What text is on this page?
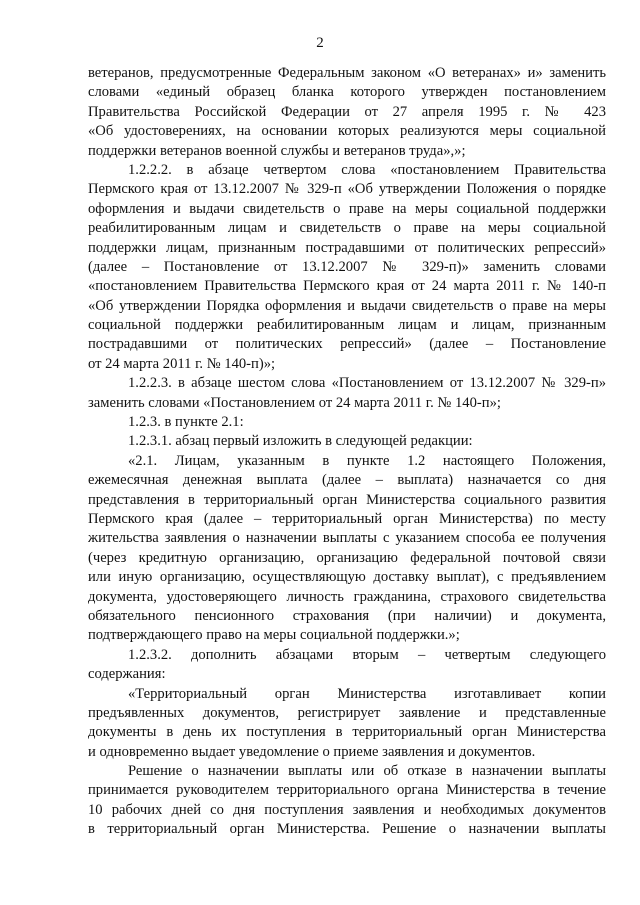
2
ветеранов, предусмотренные Федеральным законом «О ветеранах» и» заменить
словами «единый образец бланка которого утвержден постановлением
Правительства Российской Федерации от 27 апреля 1995 г. № 423
«Об удостоверениях, на основании которых реализуются меры социальной
поддержки ветеранов военной службы и ветеранов труда»,»;
1.2.2.2. в абзаце четвертом слова «постановлением Правительства
Пермского края от 13.12.2007 № 329-п «Об утверждении Положения о порядке
оформления и выдачи свидетельств о праве на меры социальной поддержки
реабилитированным лицам и свидетельств о праве на меры социальной
поддержки лицам, признанным пострадавшими от политических репрессий»
(далее – Постановление от 13.12.2007 № 329-п)» заменить словами
«постановлением Правительства Пермского края от 24 марта 2011 г. № 140-п
«Об утверждении Порядка оформления и выдачи свидетельств о праве на меры
социальной поддержки реабилитированным лицам и лицам, признанным
пострадавшими от политических репрессий» (далее – Постановление
от 24 марта 2011 г. № 140-п)»;
1.2.2.3. в абзаце шестом слова «Постановлением от 13.12.2007 № 329-п»
заменить словами «Постановлением от 24 марта 2011 г. № 140-п»;
1.2.3. в пункте 2.1:
1.2.3.1. абзац первый изложить в следующей редакции:
«2.1. Лицам, указанным в пункте 1.2 настоящего Положения,
ежемесячная денежная выплата (далее – выплата) назначается со дня
представления в территориальный орган Министерства социального развития
Пермского края (далее – территориальный орган Министерства) по месту
жительства заявления о назначении выплаты с указанием способа ее получения
(через кредитную организацию, организацию федеральной почтовой связи
или иную организацию, осуществляющую доставку выплат), с предъявлением
документа, удостоверяющего личность гражданина, страхового свидетельства
обязательного пенсионного страхования (при наличии) и документа,
подтверждающего право на меры социальной поддержки.»;
1.2.3.2. дополнить абзацами вторым – четвертым следующего
содержания:
«Территориальный орган Министерства изготавливает копии
предъявленных документов, регистрирует заявление и представленные
документы в день их поступления в территориальный орган Министерства
и одновременно выдает уведомление о приеме заявления и документов.
Решение о назначении выплаты или об отказе в назначении выплаты
принимается руководителем территориального органа Министерства в течение
10 рабочих дней со дня поступления заявления и необходимых документов
в территориальный орган Министерства. Решение о назначении выплаты
